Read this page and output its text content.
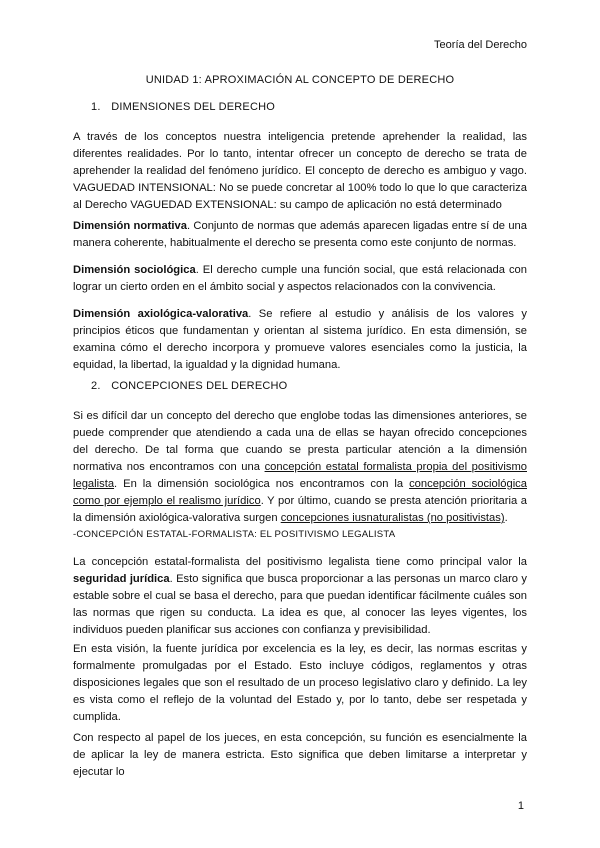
Teoría del Derecho
UNIDAD 1: APROXIMACIÓN AL CONCEPTO DE DERECHO
1. DIMENSIONES DEL DERECHO

A través de los conceptos nuestra inteligencia pretende aprehender la realidad, las diferentes realidades. Por lo tanto, intentar ofrecer un concepto de derecho se trata de aprehender la realidad del fenómeno jurídico. El concepto de derecho es ambiguo y vago. VAGUEDAD INTENSIONAL: No se puede concretar al 100% todo lo que lo que caracteriza al Derecho VAGUEDAD EXTENSIONAL: su campo de aplicación no está determinado

Dimensión normativa. Conjunto de normas que además aparecen ligadas entre sí de una manera coherente, habitualmente el derecho se presenta como este conjunto de normas.

Dimensión sociológica. El derecho cumple una función social, que está relacionada con lograr un cierto orden en el ámbito social y aspectos relacionados con la convivencia.

Dimensión axiológica-valorativa. Se refiere al estudio y análisis de los valores y principios éticos que fundamentan y orientan al sistema jurídico. En esta dimensión, se examina cómo el derecho incorpora y promueve valores esenciales como la justicia, la equidad, la libertad, la igualdad y la dignidad humana.

2. CONCEPCIONES DEL DERECHO

Si es difícil dar un concepto del derecho que englobe todas las dimensiones anteriores, se puede comprender que atendiendo a cada una de ellas se hayan ofrecido concepciones del derecho. De tal forma que cuando se presta particular atención a la dimensión normativa nos encontramos con una concepción estatal formalista propia del positivismo legalista. En la dimensión sociológica nos encontramos con la concepción sociológica como por ejemplo el realismo jurídico. Y por último, cuando se presta atención prioritaria a la dimensión axiológica-valorativa surgen concepciones iusnaturalistas (no positivistas).

-CONCEPCIÓN ESTATAL-FORMALISTA: EL POSITIVISMO LEGALISTA

La concepción estatal-formalista del positivismo legalista tiene como principal valor la seguridad jurídica. Esto significa que busca proporcionar a las personas un marco claro y estable sobre el cual se basa el derecho, para que puedan identificar fácilmente cuáles son las normas que rigen su conducta. La idea es que, al conocer las leyes vigentes, los individuos pueden planificar sus acciones con confianza y previsibilidad.

En esta visión, la fuente jurídica por excelencia es la ley, es decir, las normas escritas y formalmente promulgadas por el Estado. Esto incluye códigos, reglamentos y otras disposiciones legales que son el resultado de un proceso legislativo claro y definido. La ley es vista como el reflejo de la voluntad del Estado y, por lo tanto, debe ser respetada y cumplida.

Con respecto al papel de los jueces, en esta concepción, su función es esencialmente la de aplicar la ley de manera estricta. Esto significa que deben limitarse a interpretar y ejecutar lo

1
